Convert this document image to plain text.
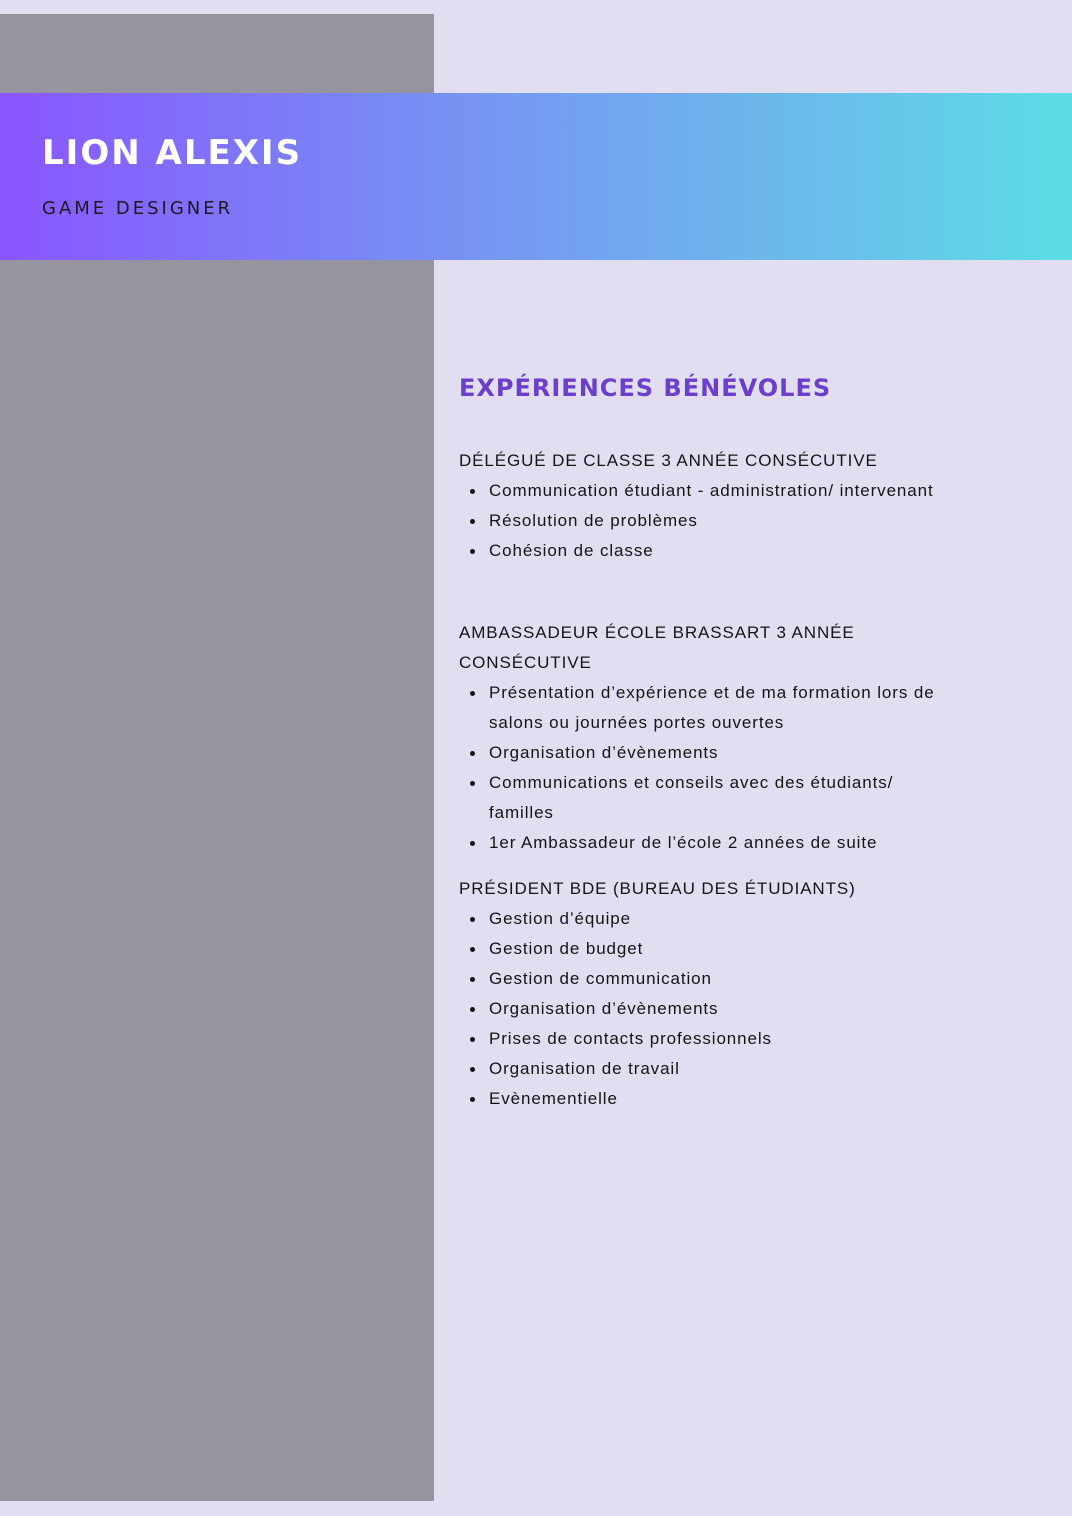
LION ALEXIS
GAME DESIGNER
EXPÉRIENCES BÉNÉVOLES
DÉLÉGUÉ DE CLASSE 3 ANNÉE CONSÉCUTIVE
Communication étudiant - administration/ intervenant
Résolution de problèmes
Cohésion de classe
AMBASSADEUR ÉCOLE BRASSART 3 ANNÉE CONSÉCUTIVE
Présentation d’expérience et de ma formation lors de salons ou journées portes ouvertes
Organisation d’évènements
Communications et conseils avec des étudiants/ familles
1er Ambassadeur de l’école 2 années de suite
PRÉSIDENT BDE (BUREAU DES ÉTUDIANTS)
Gestion d’équipe
Gestion de budget
Gestion de communication
Organisation d’évènements
Prises de contacts professionnels
Organisation de travail
Evènementielle
